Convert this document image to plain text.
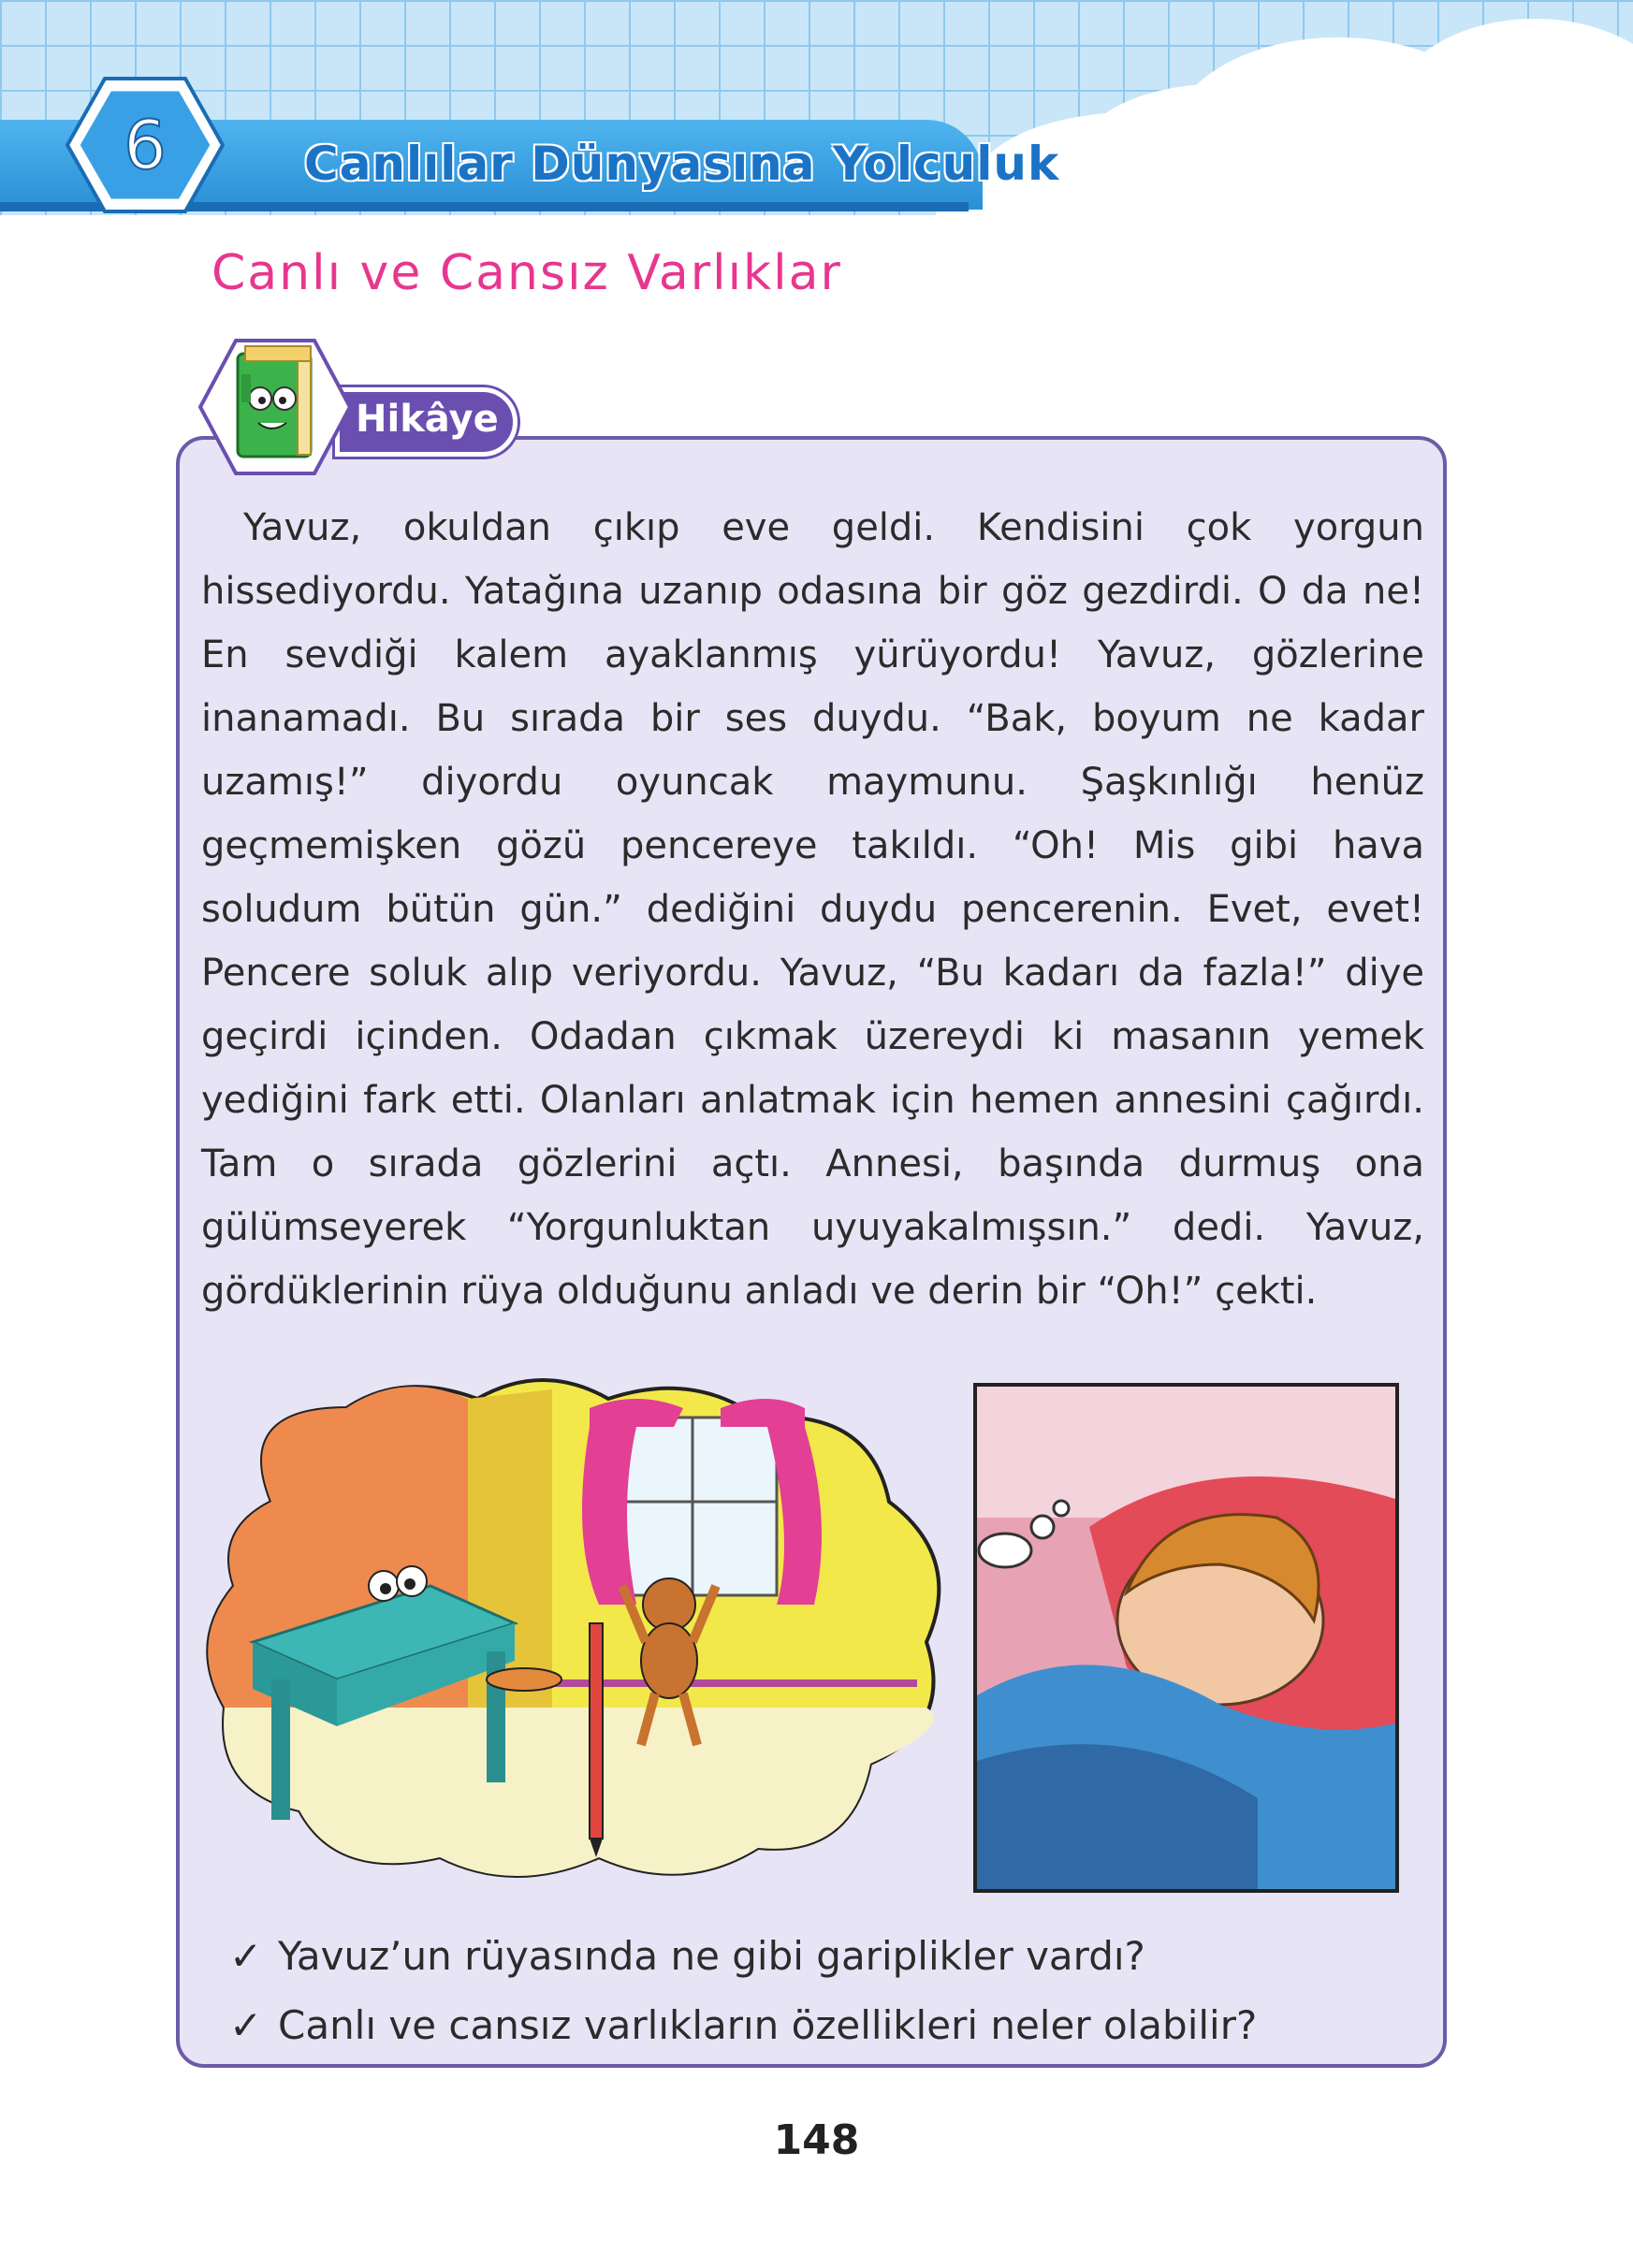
6	Canlılar Dünyasına Yolculuk
Canlı ve Cansız Varlıklar
Hikâye
Yavuz, okuldan çıkıp eve geldi. Kendisini çok yorgun hissediyordu. Yatağına uzanıp odasına bir göz gezdirdi. O da ne! En sevdiği kalem ayaklanmış yürüyordu! Yavuz, gözlerine inanamadı. Bu sırada bir ses duydu. “Bak, boyum ne kadar uzamış!” diyordu oyuncak maymunu. Şaşkınlığı henüz geçmemişken gözü pencereye takıldı. “Oh! Mis gibi hava soludum bütün gün.” dediğini duydu pencerenin. Evet, evet! Pencere soluk alıp veriyordu. Yavuz, “Bu kadarı da fazla!” diye geçirdi içinden. Odadan çıkmak üzereydi ki masanın yemek yediğini fark etti. Olanları anlatmak için hemen annesini çağırdı. Tam o sırada gözlerini açtı. Annesi, başında durmuş ona gülümseyerek “Yorgunluktan uyuyakalmışsın.” dedi. Yavuz, gördüklerinin rüya olduğunu anladı ve derin bir “Oh!” çekti.
✓ Yavuz’un rüyasında ne gibi gariplikler vardı?
✓ Canlı ve cansız varlıkların özellikleri neler olabilir?
148
